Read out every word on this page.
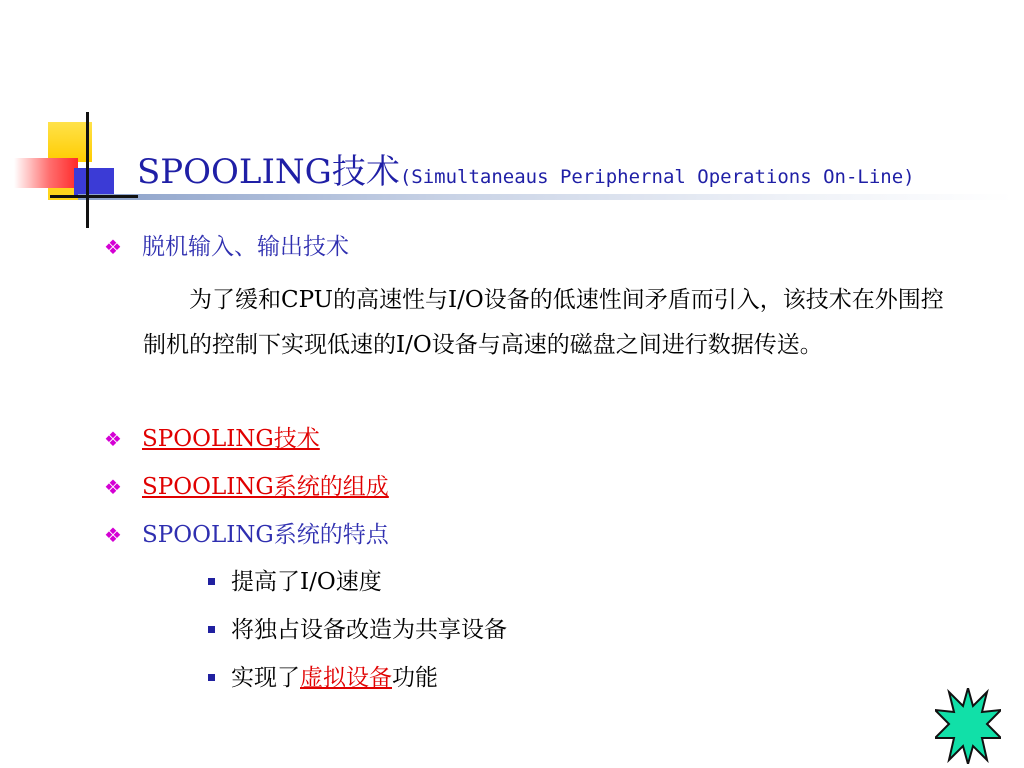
SPOOLING技术(Simultaneaus Periphernal Operations On-Line)
❖ 脱机输入、输出技术
为了缓和CPU的高速性与I/O设备的低速性间矛盾而引入，该技术在外围控制机的控制下实现低速的I/O设备与高速的磁盘之间进行数据传送。
❖ SPOOLING技术
❖ SPOOLING系统的组成
❖ SPOOLING系统的特点
提高了I/O速度
将独占设备改造为共享设备
实现了虚拟设备功能
